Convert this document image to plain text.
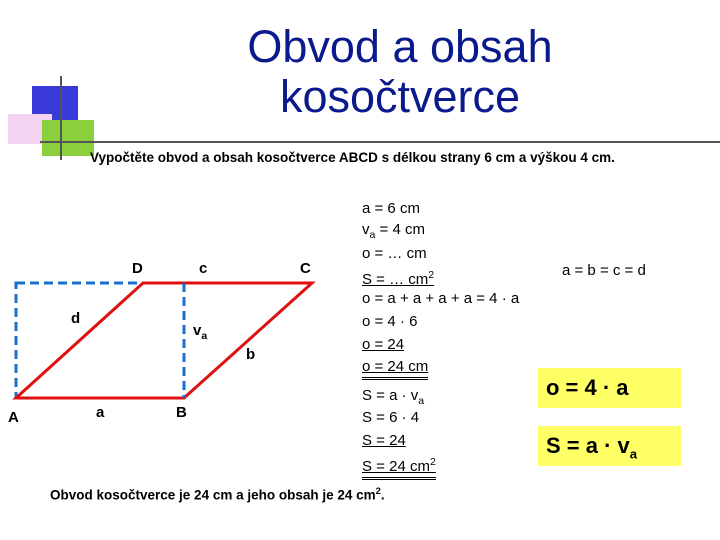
Obvod a obsah
kosočtverce
Vypočtěte obvod a obsah kosočtverce ABCD s délkou strany 6 cm a výškou 4 cm.
a = 6 cm
$v_a = 4$ cm
o = … cm
S = … $cm^2$
o = a + a + a + a = 4 · a
o = 4 · 6
o = 24
o = 24 cm
$S = a \cdot v_a$
S = 6 · 4
S = 24
S = 24 $cm^2$
a = b = c = d
o = 4 · a
$S = a \cdot v_a$
Obvod kosočtverce je 24 cm a jeho obsah je 24 $cm^2$.
D	c	C
d
$v_a$
b
A	a	B
